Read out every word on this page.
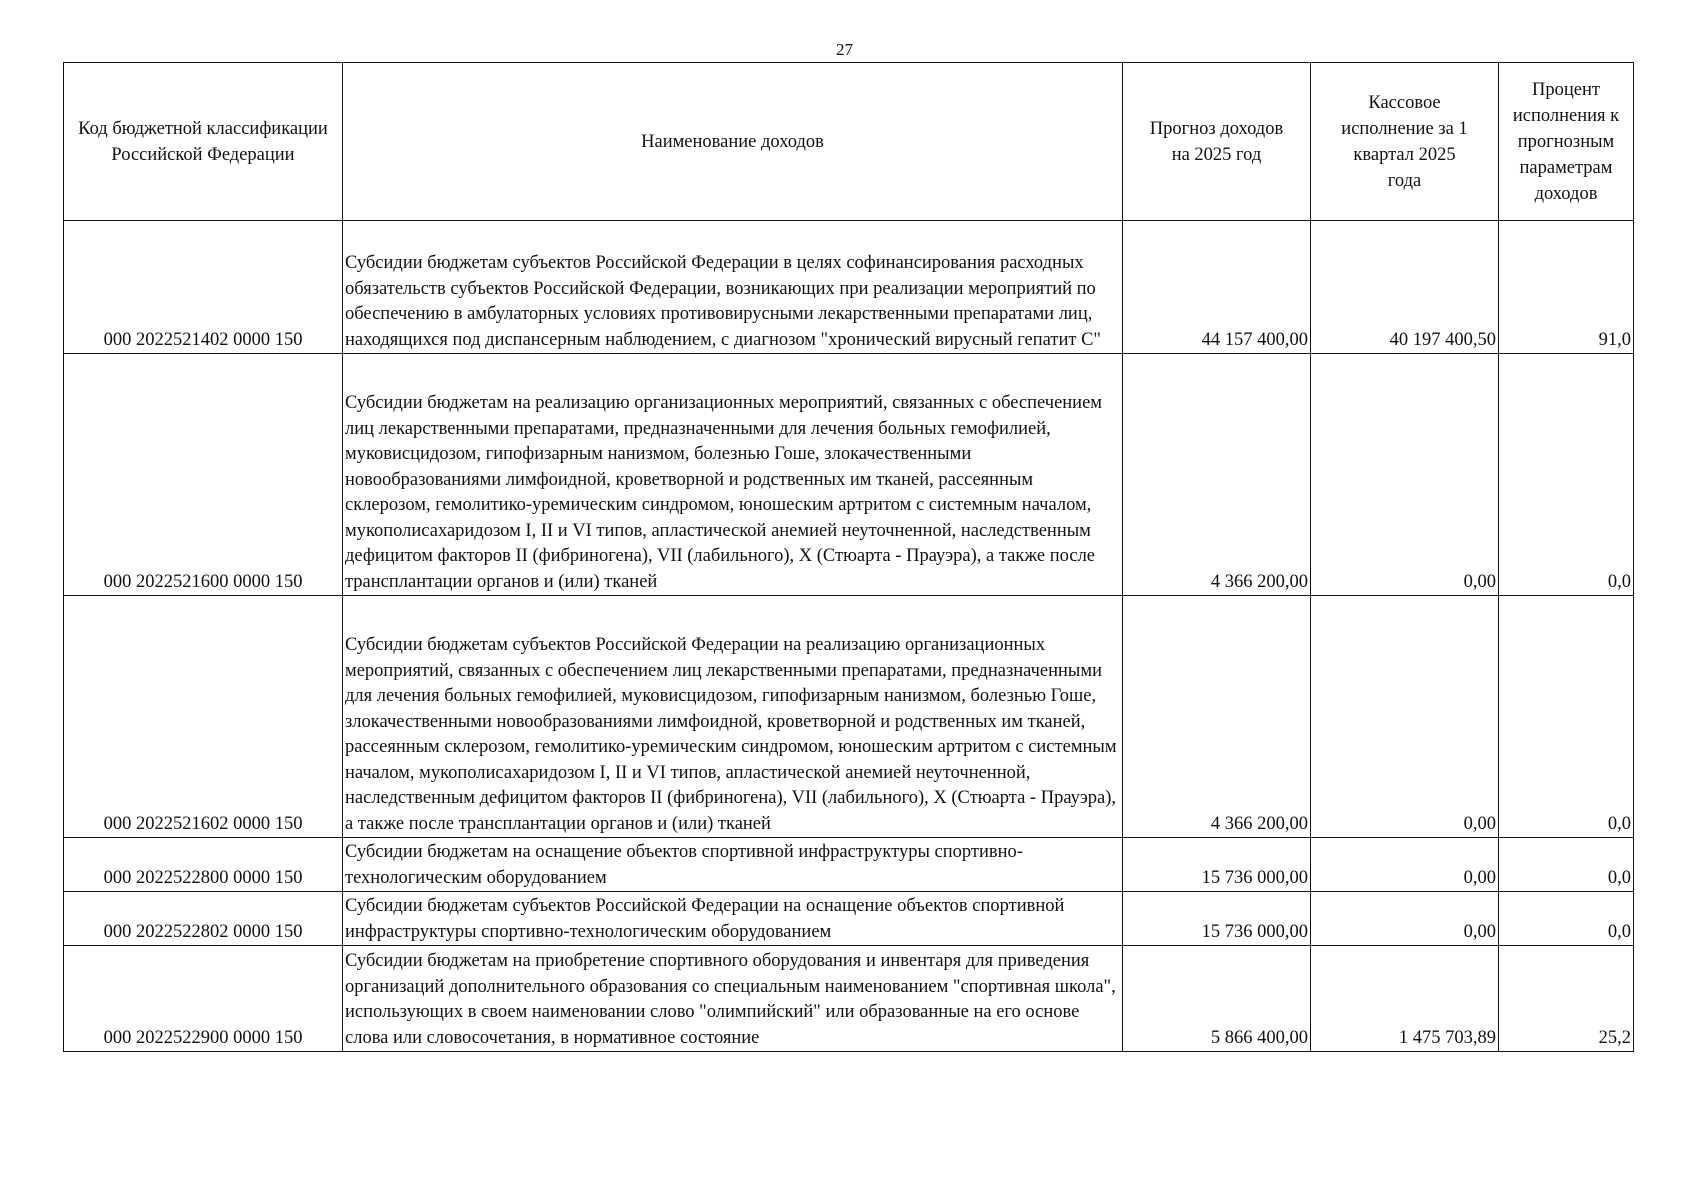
27
Код бюджетной классификации Российской Федерации	Наименование доходов	Прогноз доходов на 2025 год	Кассовое исполнение за 1 квартал 2025 года	Процент исполнения к прогнозным параметрам доходов
000 2022521402 0000 150	Субсидии бюджетам субъектов Российской Федерации в целях софинансирования расходных обязательств субъектов Российской Федерации, возникающих при реализации мероприятий по обеспечению в амбулаторных условиях противовирусными лекарственными препаратами лиц, находящихся под диспансерным наблюдением, с диагнозом "хронический вирусный гепатит С"	44 157 400,00	40 197 400,50	91,0
000 2022521600 0000 150	Субсидии бюджетам на реализацию организационных мероприятий, связанных с обеспечением лиц лекарственными препаратами, предназначенными для лечения больных гемофилией, муковисцидозом, гипофизарным нанизмом, болезнью Гоше, злокачественными новообразованиями лимфоидной, кроветворной и родственных им тканей, рассеянным склерозом, гемолитико-уремическим синдромом, юношеским артритом с системным началом, мукополисахаридозом I, II и VI типов, апластической анемией неуточненной, наследственным дефицитом факторов II (фибриногена), VII (лабильного), X (Стюарта - Прауэра), а также после трансплантации органов и (или) тканей	4 366 200,00	0,00	0,0
000 2022521602 0000 150	Субсидии бюджетам субъектов Российской Федерации на реализацию организационных мероприятий, связанных с обеспечением лиц лекарственными препаратами, предназначенными для лечения больных гемофилией, муковисцидозом, гипофизарным нанизмом, болезнью Гоше, злокачественными новообразованиями лимфоидной, кроветворной и родственных им тканей, рассеянным склерозом, гемолитико-уремическим синдромом, юношеским артритом с системным началом, мукополисахаридозом I, II и VI типов, апластической анемией неуточненной, наследственным дефицитом факторов II (фибриногена), VII (лабильного), X (Стюарта - Прауэра), а также после трансплантации органов и (или) тканей	4 366 200,00	0,00	0,0
000 2022522800 0000 150	Субсидии бюджетам на оснащение объектов спортивной инфраструктуры спортивно-технологическим оборудованием	15 736 000,00	0,00	0,0
000 2022522802 0000 150	Субсидии бюджетам субъектов Российской Федерации на оснащение объектов спортивной инфраструктуры спортивно-технологическим оборудованием	15 736 000,00	0,00	0,0
000 2022522900 0000 150	Субсидии бюджетам на приобретение спортивного оборудования и инвентаря для приведения организаций дополнительного образования со специальным наименованием "спортивная школа", использующих в своем наименовании слово "олимпийский" или образованные на его основе слова или словосочетания, в нормативное состояние	5 866 400,00	1 475 703,89	25,2
